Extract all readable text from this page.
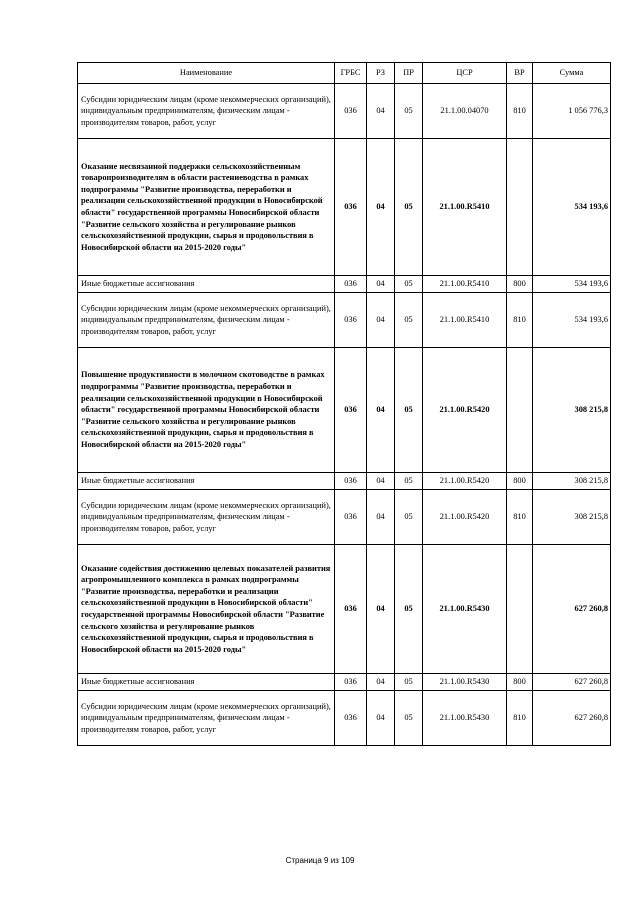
Наименование	ГРБС	РЗ	ПР	ЦСР	ВР	Сумма
Субсидии юридическим лицам (кроме некоммерческих организаций), индивидуальным предпринимателям, физическим лицам - производителям товаров, работ, услуг	036	04	05	21.1.00.04070	810	1 056 776,3
Оказание несвязанной поддержки сельскохозяйственным товаропроизводителям в области растениеводства в рамках подпрограммы "Развитие производства, переработки и реализации сельскохозяйственной продукции в Новосибирской области" государственной программы Новосибирской области "Развитие сельского хозяйства и регулирование рынков сельскохозяйственной продукции, сырья и продовольствия в Новосибирской области на 2015-2020 годы"	036	04	05	21.1.00.R5410		534 193,6
Иные бюджетные ассигнования	036	04	05	21.1.00.R5410	800	534 193,6
Субсидии юридическим лицам (кроме некоммерческих организаций), индивидуальным предпринимателям, физическим лицам - производителям товаров, работ, услуг	036	04	05	21.1.00.R5410	810	534 193,6
Повышение продуктивности в молочном скотоводстве в рамках подпрограммы "Развитие производства, переработки и реализации сельскохозяйственной продукции в Новосибирской области" государственной программы Новосибирской области "Развитие сельского хозяйства и регулирование рынков сельскохозяйственной продукции, сырья и продовольствия в Новосибирской области на 2015-2020 годы"	036	04	05	21.1.00.R5420		308 215,8
Иные бюджетные ассигнования	036	04	05	21.1.00.R5420	800	308 215,8
Субсидии юридическим лицам (кроме некоммерческих организаций), индивидуальным предпринимателям, физическим лицам - производителям товаров, работ, услуг	036	04	05	21.1.00.R5420	810	308 215,8
Оказание содействия достижению целевых показателей развития агропромышленного комплекса в рамках подпрограммы "Развитие производства, переработки и реализации сельскохозяйственной продукции в Новосибирской области" государственной программы Новосибирской области "Развитие сельского хозяйства и регулирование рынков сельскохозяйственной продукции, сырья и продовольствия в Новосибирской области на 2015-2020 годы"	036	04	05	21.1.00.R5430		627 260,8
Иные бюджетные ассигнования	036	04	05	21.1.00.R5430	800	627 260,8
Субсидии юридическим лицам (кроме некоммерческих организаций), индивидуальным предпринимателям, физическим лицам - производителям товаров, работ, услуг	036	04	05	21.1.00.R5430	810	627 260,8
Страница 9 из 109
